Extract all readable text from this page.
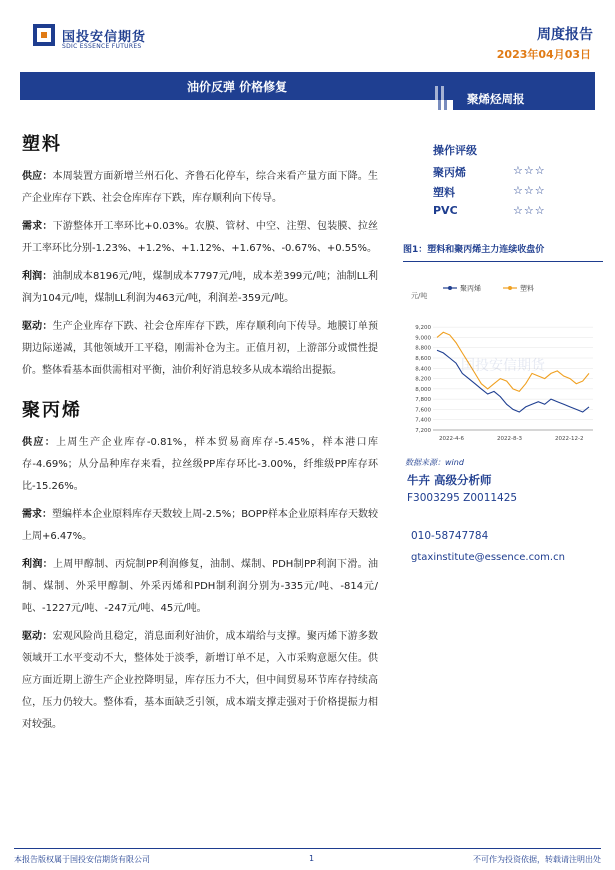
国投安信期货
SDIC ESSENCE FUTURES
周度报告
2023年04月03日
油价反弹 价格修复
聚烯烃周报
塑料
供应：本周装置方面新增兰州石化、齐鲁石化停车，综合来看产量方面下降。生产企业库存下跌、社会仓库库存下跌，库存顺利向下传导。
需求：下游整体开工率环比+0.03%。农膜、管材、中空、注塑、包装膜、拉丝开工率环比分别-1.23%、+1.2%、+1.12%、+1.67%、-0.67%、+0.55%。
利润：油制成本8196元/吨，煤制成本7797元/吨，成本差399元/吨；油制LL利润为104元/吨，煤制LL利润为463元/吨，利润差-359元/吨。
驱动：生产企业库存下跌、社会仓库库存下跌，库存顺利向下传导。地膜订单预期边际递减，其他领域开工平稳，刚需补仓为主。正值月初，上游部分或惯性提价。整体看基本面供需相对平衡，油价利好消息较多从成本端给出提振。
聚丙烯
供应：上周生产企业库存-0.81%，样本贸易商库存-5.45%，样本港口库存-4.69%；从分品种库存来看，拉丝级PP库存环比-3.00%，纤维级PP库存环比-15.26%。
需求：塑编样本企业原料库存天数较上周-2.5%；BOPP样本企业原料库存天数较上周+6.47%。
利润：上周甲醇制、丙烷制PP利润修复，油制、煤制、PDH制PP利润下滑。油制、煤制、外采甲醇制、外采丙烯和PDH制利润分别为-335元/吨、-814元/吨、-1227元/吨、-247元/吨、45元/吨。
驱动：宏观风险尚且稳定，消息面利好油价，成本端给与支撑。聚丙烯下游多数领域开工水平变动不大，整体处于淡季，新增订单不足，入市采购意愿欠佳。供应方面近期上游生产企业控降明显，库存压力不大，但中间贸易环节库存持续高位，压力仍较大。整体看，基本面缺乏引领，成本端支撑走强对于价格提振力相对较强。
操作评级
聚丙烯	☆☆☆
塑料	☆☆☆
PVC	☆☆☆
图1：塑料和聚丙烯主力连续收盘价
聚丙烯	塑料
元/吨
7,200
7,400
7,600
7,800
8,000
8,200
8,400
8,600
8,800
9,000
9,200
2022-4-6	2022-8-3	2022-12-2
国投安信期货
数据来源：wind
牛卉 高级分析师
F3003295 Z0011425
010-58747784
gtaxinstitute@essence.com.cn
本报告版权属于国投安信期货有限公司	1	不可作为投资依据，转载请注明出处
